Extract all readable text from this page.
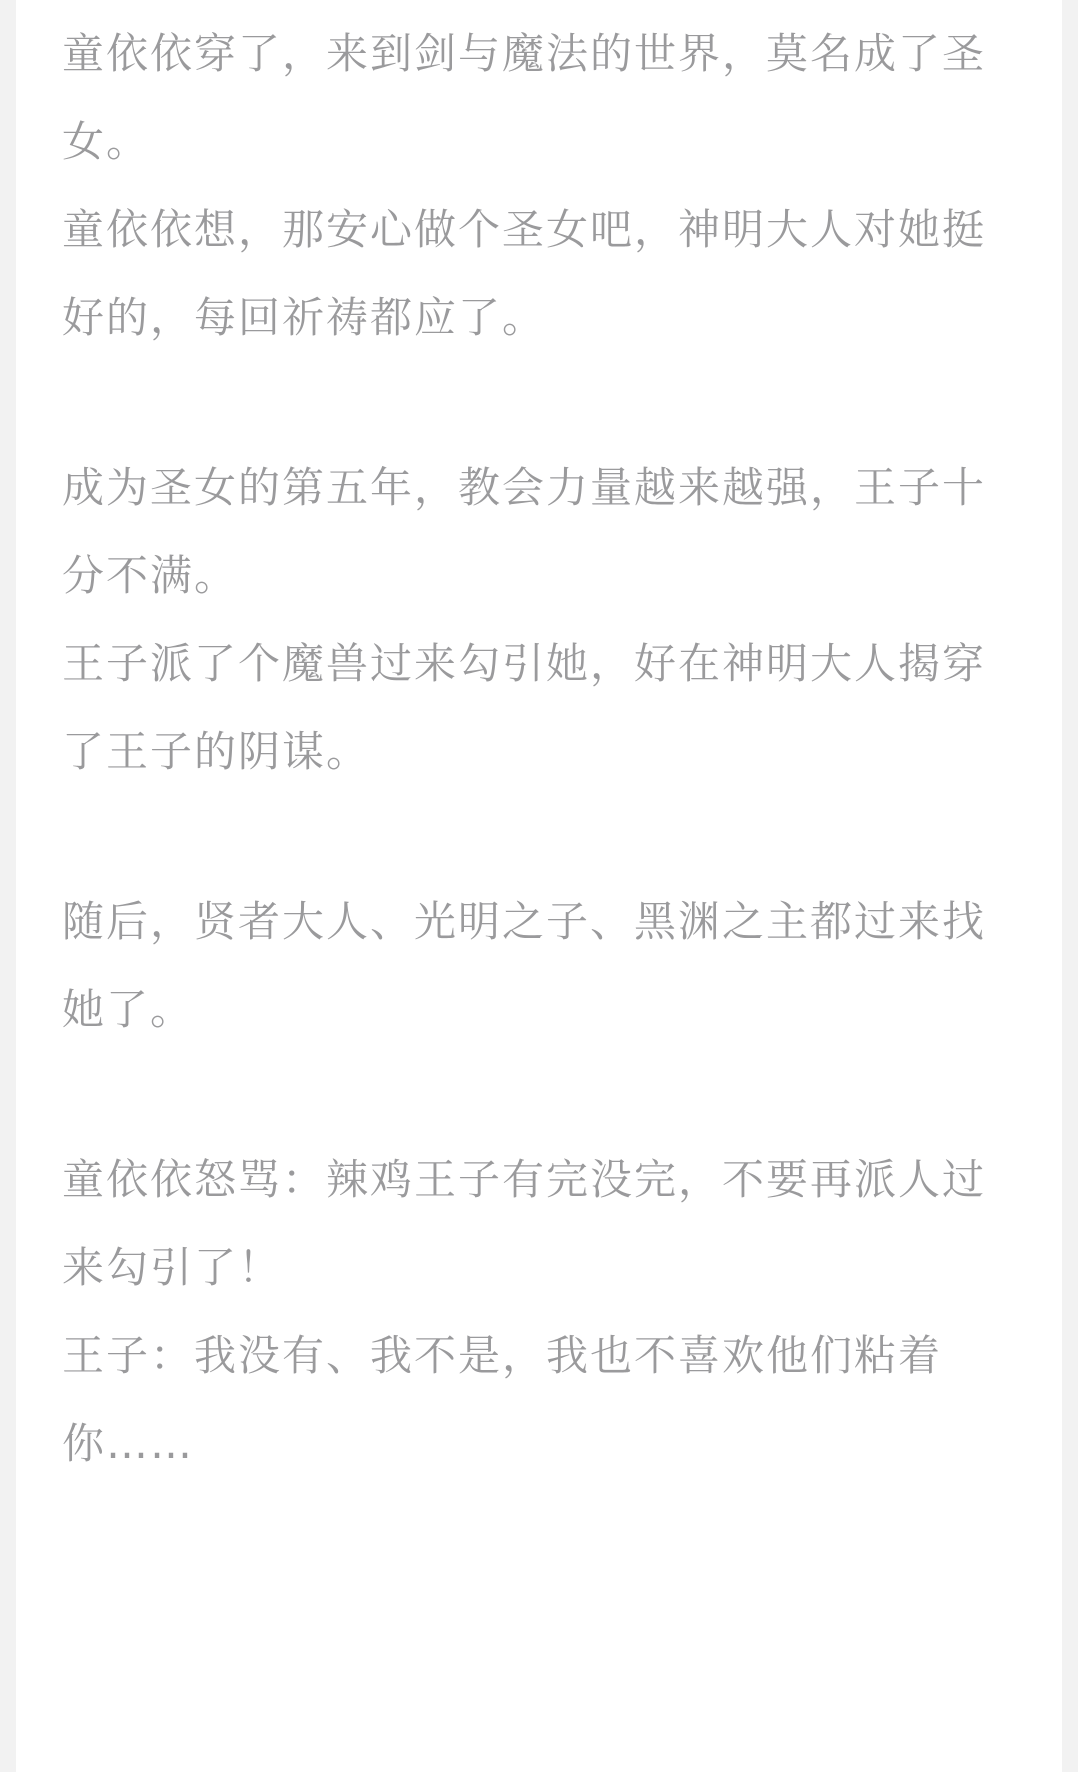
童依依穿了，来到剑与魔法的世界，莫名成了圣女。

童依依想，那安心做个圣女吧，神明大人对她挺好的，每回祈祷都应了。

成为圣女的第五年，教会力量越来越强，王子十分不满。

王子派了个魔兽过来勾引她，好在神明大人揭穿了王子的阴谋。

随后，贤者大人、光明之子、黑渊之主都过来找她了。

童依依怒骂：辣鸡王子有完没完，不要再派人过来勾引了！

王子：我没有、我不是，我也不喜欢他们粘着你……
